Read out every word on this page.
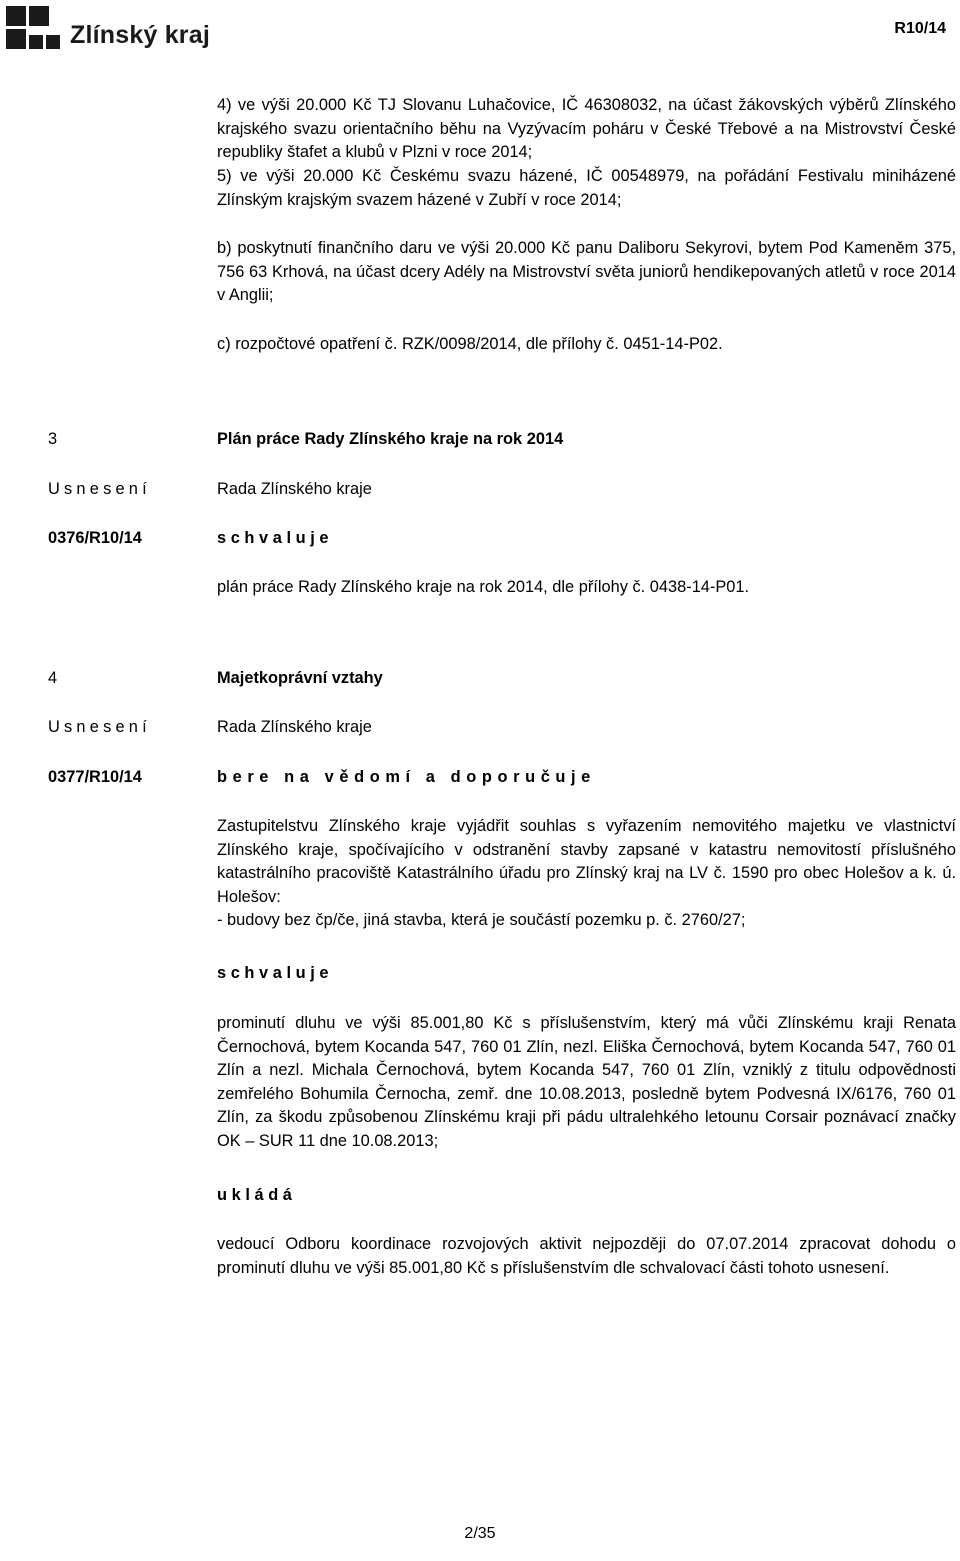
Zlínský kraj	R10/14
4) ve výši 20.000 Kč TJ Slovanu Luhačovice, IČ 46308032, na účast žákovských výběrů Zlínského krajského svazu orientačního běhu na Vyzývacím poháru v České Třebové a na Mistrovství České republiky štafet a klubů v Plzni v roce 2014;
5) ve výši 20.000 Kč Českému svazu házené, IČ 00548979, na pořádání Festivalu miniházené Zlínským krajským svazem házené v Zubří v roce 2014;
b) poskytnutí finančního daru ve výši 20.000 Kč panu Daliboru Sekyrovi, bytem Pod Kameněm 375, 756 63 Krhová, na účast dcery Adély na Mistrovství světa juniorů hendikepovaných atletů v roce 2014 v Anglii;
c) rozpočtové opatření č. RZK/0098/2014, dle přílohy č. 0451-14-P02.
3	Plán práce Rady Zlínského kraje na rok 2014
Usnesení	Rada Zlínského kraje
0376/R10/14	schvaluje
plán práce Rady Zlínského kraje na rok 2014, dle přílohy č. 0438-14-P01.
4	Majetkoprávní vztahy
Usnesení	Rada Zlínského kraje
0377/R10/14	bere na vědomí a doporučuje
Zastupitelstvu Zlínského kraje vyjádřit souhlas s vyřazením nemovitého majetku ve vlastnictví Zlínského kraje, spočívajícího v odstranění stavby zapsané v katastru nemovitostí příslušného katastrálního pracoviště Katastrálního úřadu pro Zlínský kraj na LV č. 1590 pro obec Holešov a k. ú. Holešov:
- budovy bez čp/če, jiná stavba, která je součástí pozemku p. č. 2760/27;
schvaluje
prominutí dluhu ve výši 85.001,80 Kč s příslušenstvím, který má vůči Zlínskému kraji Renata Černochová, bytem Kocanda 547, 760 01 Zlín, nezl. Eliška Černochová, bytem Kocanda 547, 760 01 Zlín a nezl. Michala Černochová, bytem Kocanda 547, 760 01 Zlín, vzniklý z titulu odpovědnosti zemřelého Bohumila Černocha, zemř. dne 10.08.2013, posledně bytem Podvesná IX/6176, 760 01 Zlín, za škodu způsobenou Zlínskému kraji při pádu ultralehkého letounu Corsair poznávací značky OK – SUR 11 dne 10.08.2013;
ukládá
vedoucí Odboru koordinace rozvojových aktivit nejpozději do 07.07.2014 zpracovat dohodu o prominutí dluhu ve výši 85.001,80 Kč s příslušenstvím dle schvalovací části tohoto usnesení.
2/35
